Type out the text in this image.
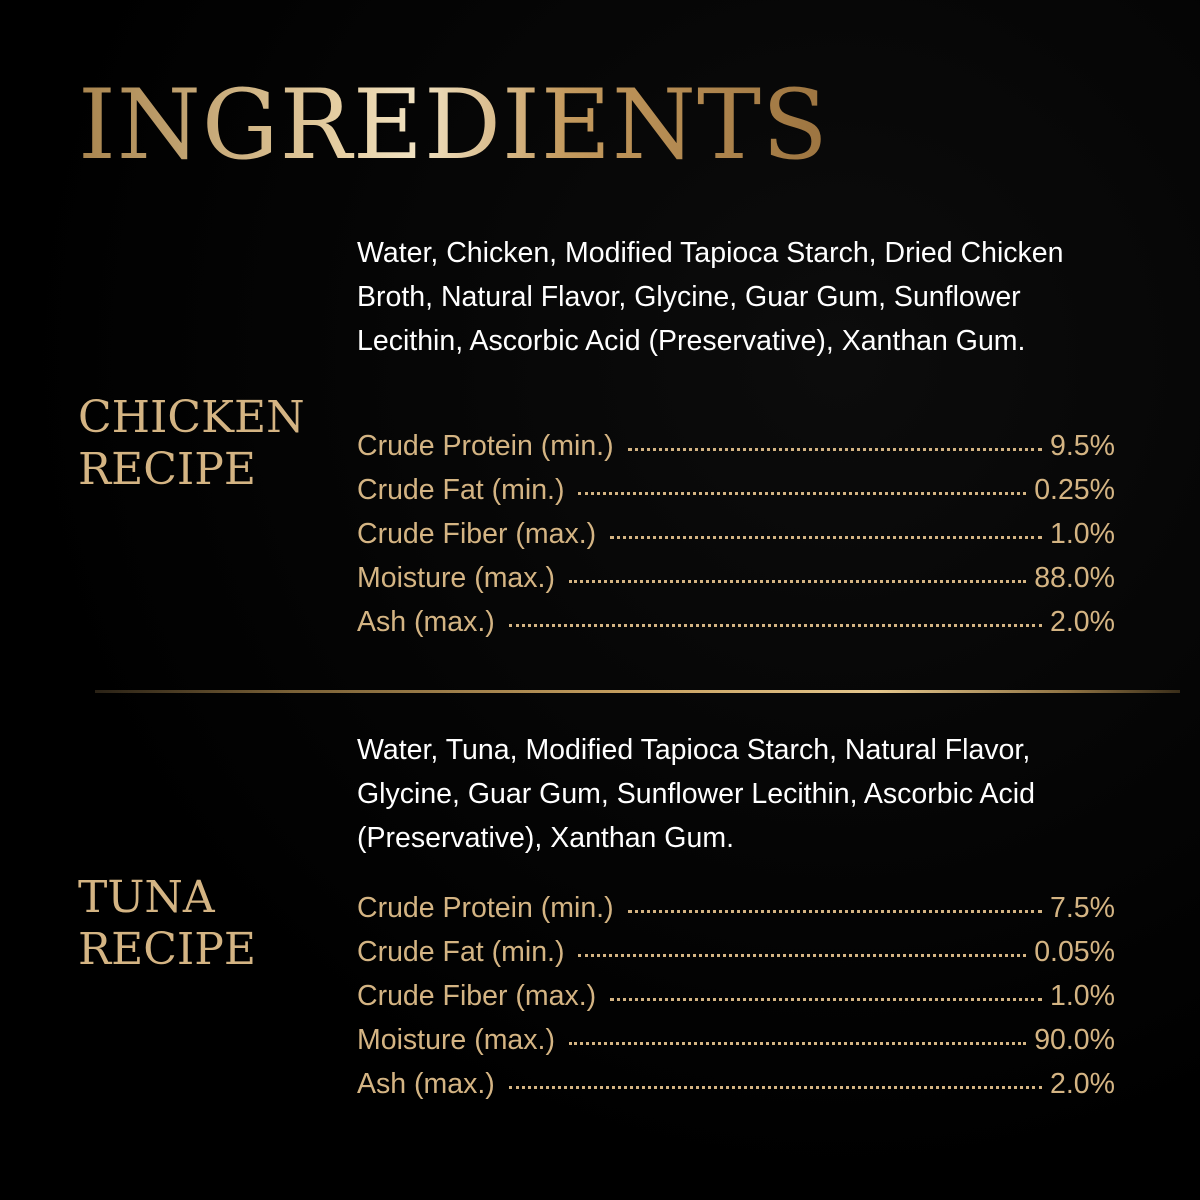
INGREDIENTS
CHICKEN
RECIPE

Water, Chicken, Modified Tapioca Starch, Dried Chicken Broth, Natural Flavor, Glycine, Guar Gum, Sunflower Lecithin, Ascorbic Acid (Preservative), Xanthan Gum.

Crude Protein (min.)	9.5%
Crude Fat (min.)	0.25%
Crude Fiber (max.)	1.0%
Moisture (max.)	88.0%
Ash (max.)	2.0%
TUNA
RECIPE

Water, Tuna, Modified Tapioca Starch, Natural Flavor, Glycine, Guar Gum, Sunflower Lecithin, Ascorbic Acid (Preservative), Xanthan Gum.

Crude Protein (min.)	7.5%
Crude Fat (min.)	0.05%
Crude Fiber (max.)	1.0%
Moisture (max.)	90.0%
Ash (max.)	2.0%
